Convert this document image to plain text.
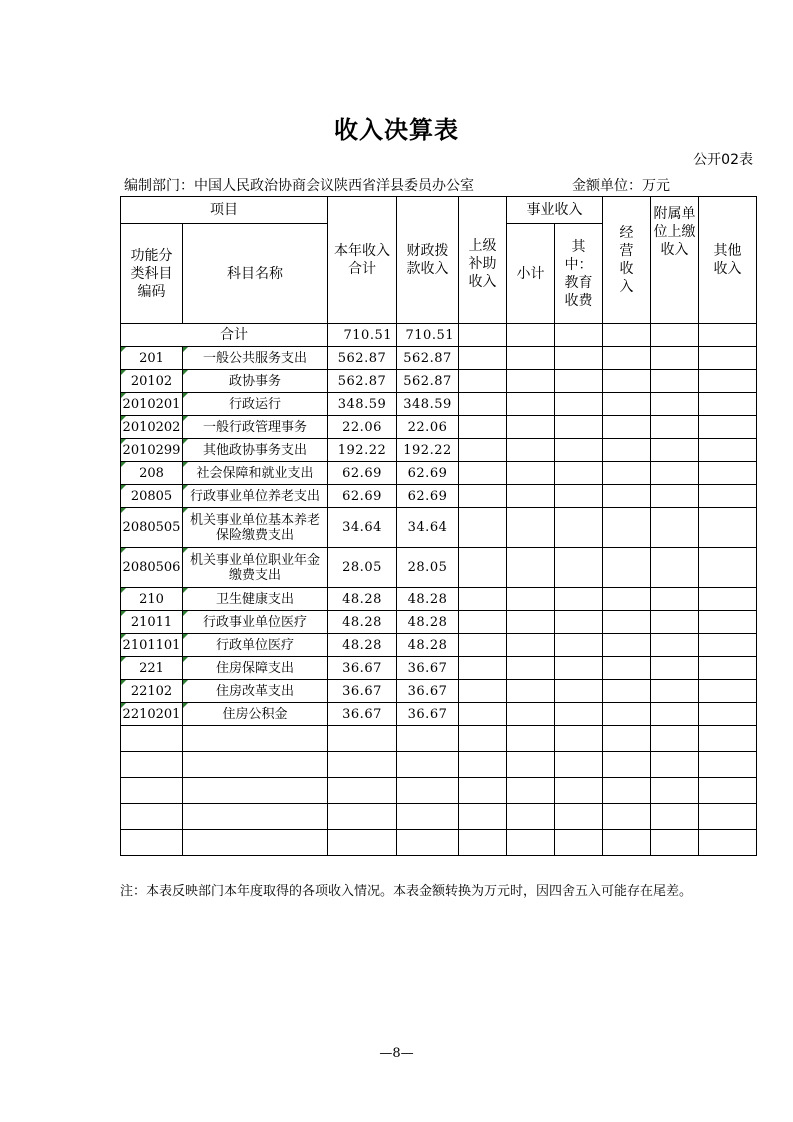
收入决算表
公开02表
编制部门：中国人民政治协商会议陕西省洋县委员办公室	金额单位：万元
项目		本年收入合计	财政拨款收入	上级补助收入	事业收入		经营收入	附属单位上缴收入	其他收入
功能分类科目编码	科目名称				小计	其中：教育收费			

合计		710.51	710.51						
201	一般公共服务支出	562.87	562.87						
20102	政协事务	562.87	562.87						
2010201	行政运行	348.59	348.59						
2010202	一般行政管理事务	22.06	22.06						
2010299	其他政协事务支出	192.22	192.22						
208	社会保障和就业支出	62.69	62.69						
20805	行政事业单位养老支出	62.69	62.69						
2080505	机关事业单位基本养老保险缴费支出	34.64	34.64						
2080506	机关事业单位职业年金缴费支出	28.05	28.05						
210	卫生健康支出	48.28	48.28						
21011	行政事业单位医疗	48.28	48.28						
2101101	行政单位医疗	48.28	48.28						
221	住房保障支出	36.67	36.67						
22102	住房改革支出	36.67	36.67						
2210201	住房公积金	36.67	36.67						

注：本表反映部门本年度取得的各项收入情况。本表金额转换为万元时，因四舍五入可能存在尾差。
—8—
